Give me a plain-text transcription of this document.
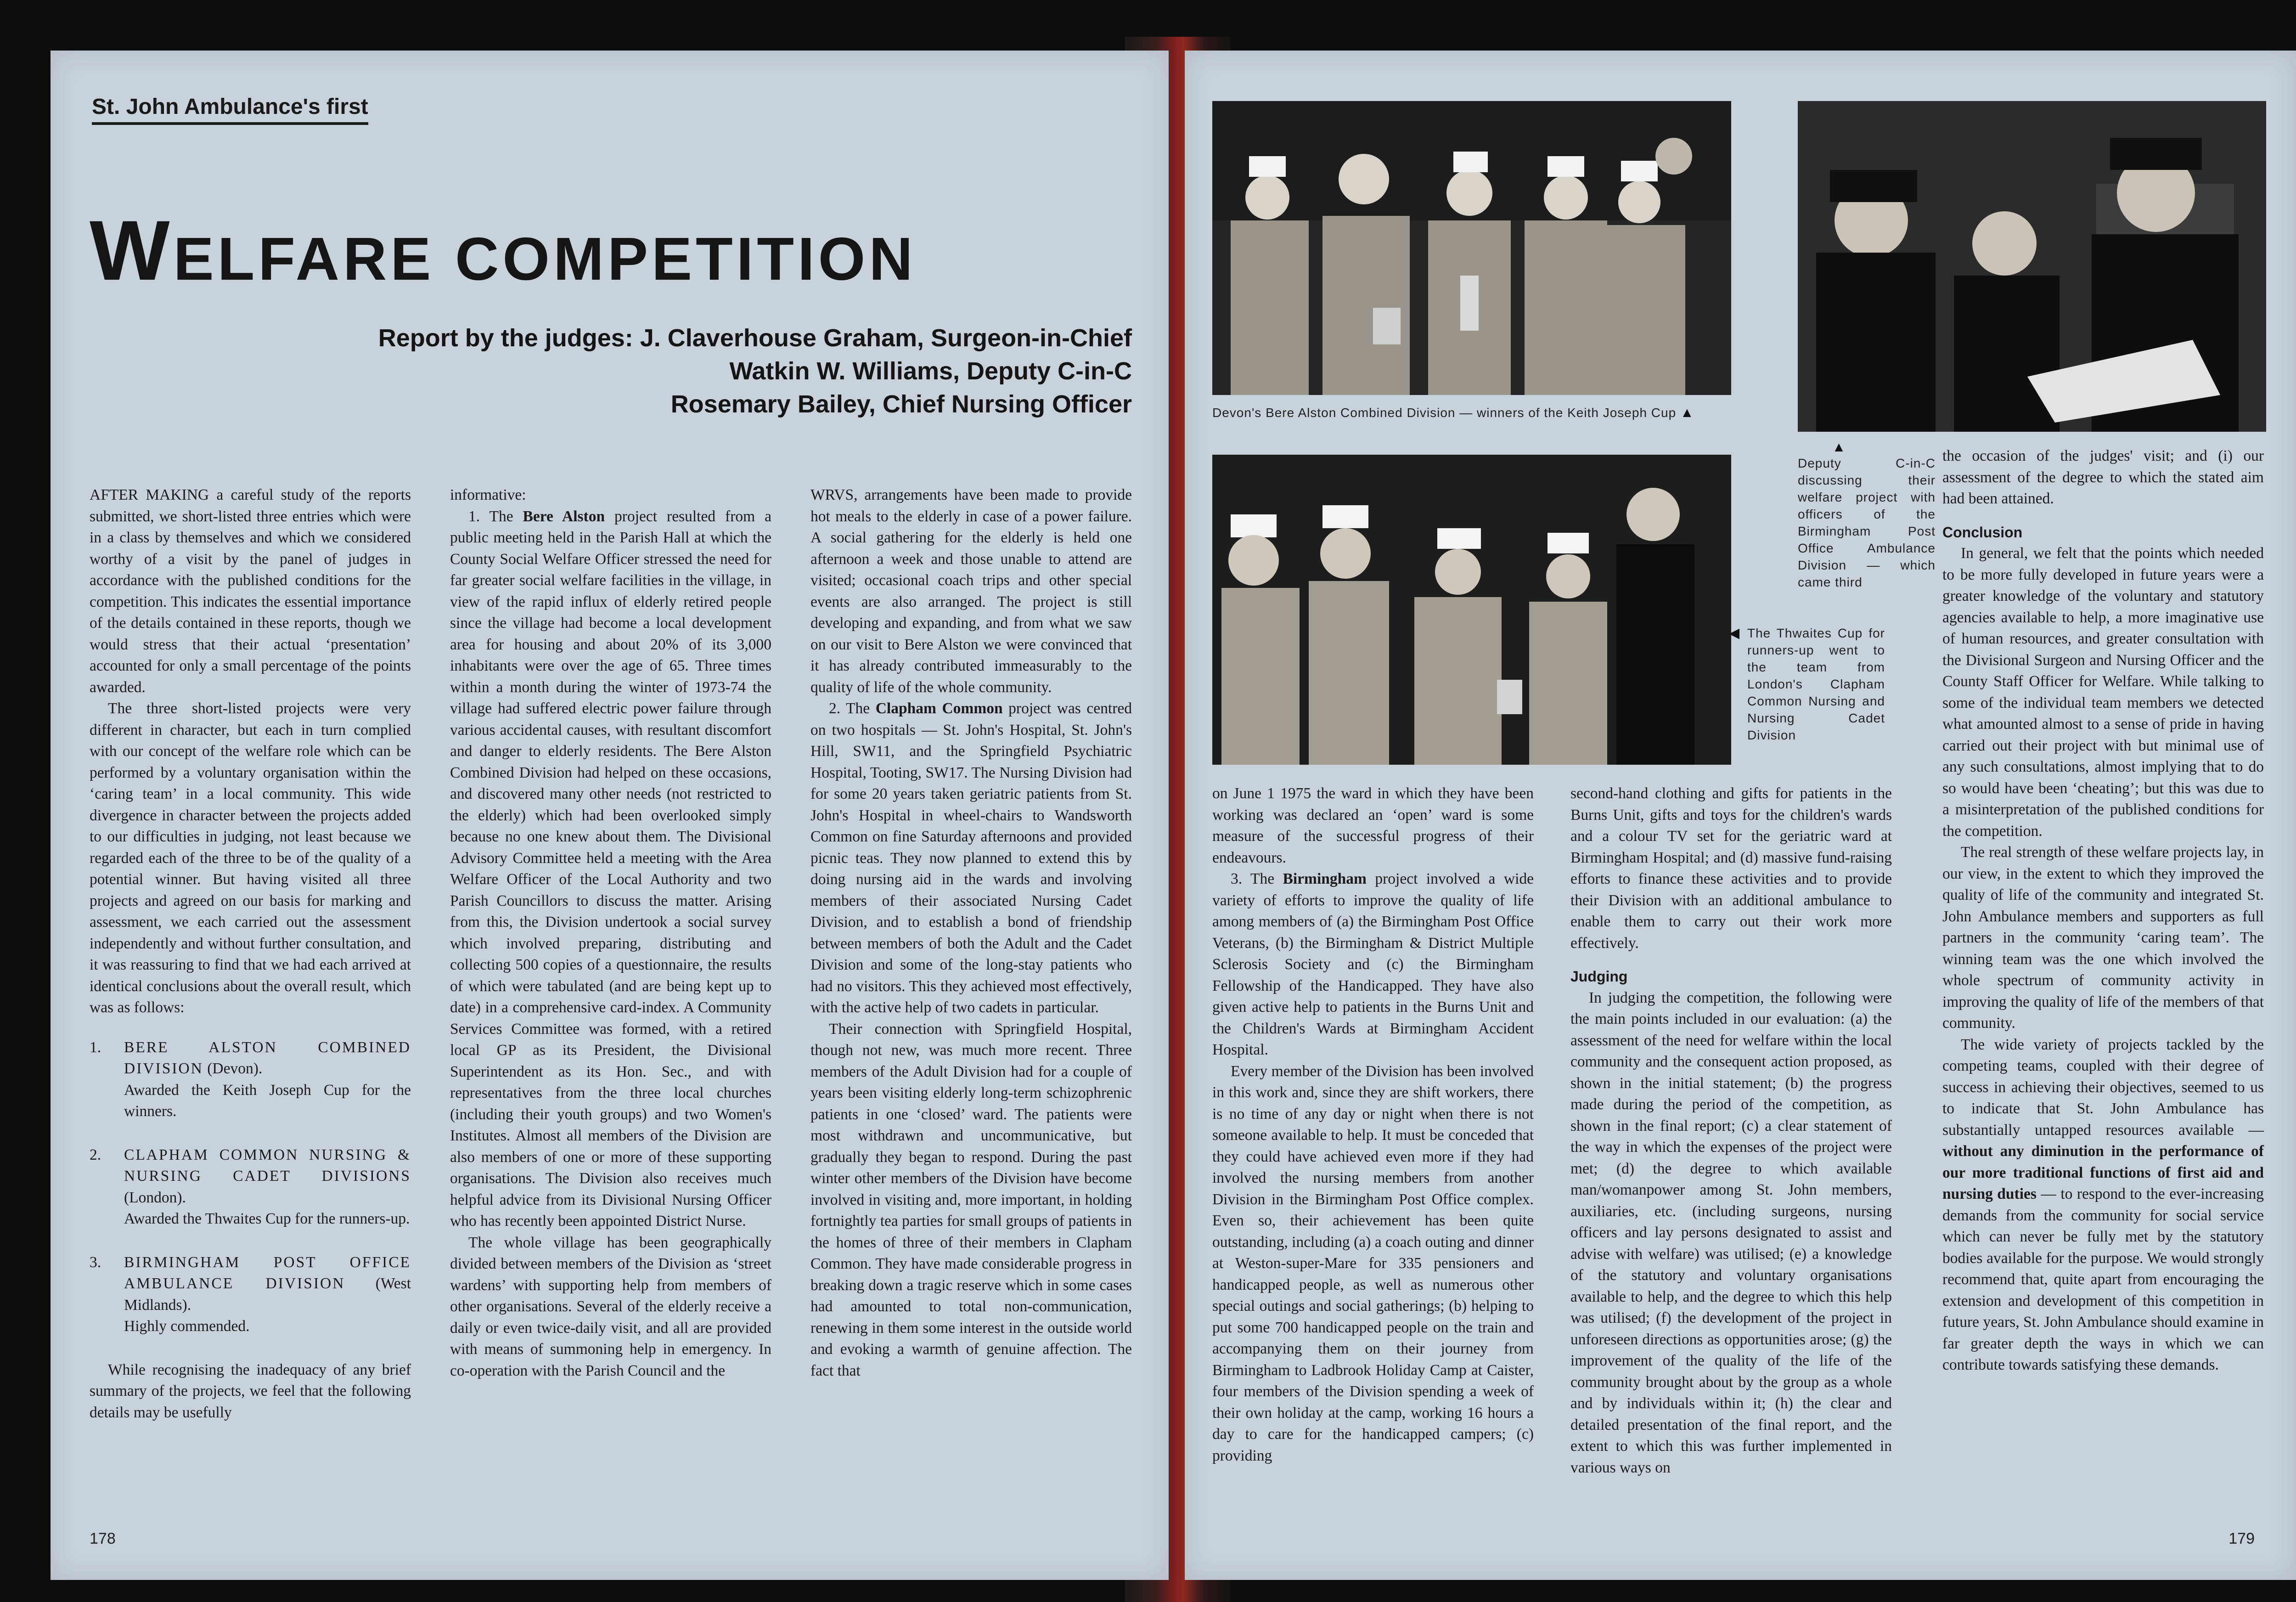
St. John Ambulance's first
WELFARE COMPETITION
Report by the judges: J. Claverhouse Graham, Surgeon-in-Chief
Watkin W. Williams, Deputy C-in-C
Rosemary Bailey, Chief Nursing Officer

AFTER MAKING a careful study of the reports submitted, we short-listed three entries which were in a class by themselves and which we considered worthy of a visit by the panel of judges in accordance with the published conditions for the competition. This indicates the essential importance of the details contained in these reports, though we would stress that their actual ‘presentation’ accounted for only a small percentage of the points awarded.

The three short-listed projects were very different in character, but each in turn complied with our concept of the welfare role which can be performed by a voluntary organisation within the ‘caring team’ in a local community. This wide divergence in character between the projects added to our difficulties in judging, not least because we regarded each of the three to be of the quality of a potential winner. But having visited all three projects and agreed on our basis for marking and assessment, we each carried out the assessment independently and without further consultation, and it was reassuring to find that we had each arrived at identical conclusions about the overall result, which was as follows:

1. BERE ALSTON COMBINED DIVISION (Devon).
Awarded the Keith Joseph Cup for the winners.
2. CLAPHAM COMMON NURSING & NURSING CADET DIVISIONS (London).
Awarded the Thwaites Cup for the runners-up.
3. BIRMINGHAM POST OFFICE AMBULANCE DIVISION (West Midlands).
Highly commended.

While recognising the inadequacy of any brief summary of the projects, we feel that the following details may be usefully

informative:

1. The Bere Alston project resulted from a public meeting held in the Parish Hall at which the County Social Welfare Officer stressed the need for far greater social welfare facilities in the village, in view of the rapid influx of elderly retired people since the village had become a local development area for housing and about 20% of its 3,000 inhabitants were over the age of 65. Three times within a month during the winter of 1973-74 the village had suffered electric power failure through various accidental causes, with resultant discomfort and danger to elderly residents. The Bere Alston Combined Division had helped on these occasions, and discovered many other needs (not restricted to the elderly) which had been overlooked simply because no one knew about them. The Divisional Advisory Committee held a meeting with the Area Welfare Officer of the Local Authority and two Parish Councillors to discuss the matter. Arising from this, the Division undertook a social survey which involved preparing, distributing and collecting 500 copies of a questionnaire, the results of which were tabulated (and are being kept up to date) in a comprehensive card-index. A Community Services Committee was formed, with a retired local GP as its President, the Divisional Superintendent as its Hon. Sec., and with representatives from the three local churches (including their youth groups) and two Women's Institutes. Almost all members of the Division are also members of one or more of these supporting organisations. The Division also receives much helpful advice from its Divisional Nursing Officer who has recently been appointed District Nurse.

The whole village has been geographically divided between members of the Division as ‘street wardens’ with supporting help from members of other organisations. Several of the elderly receive a daily or even twice-daily visit, and all are provided with means of summoning help in emergency. In co-operation with the Parish Council and the

WRVS, arrangements have been made to provide hot meals to the elderly in case of a power failure. A social gathering for the elderly is held one afternoon a week and those unable to attend are visited; occasional coach trips and other special events are also arranged. The project is still developing and expanding, and from what we saw on our visit to Bere Alston we were convinced that it has already contributed immeasurably to the quality of life of the whole community.

2. The Clapham Common project was centred on two hospitals — St. John's Hospital, St. John's Hill, SW11, and the Springfield Psychiatric Hospital, Tooting, SW17. The Nursing Division had for some 20 years taken geriatric patients from St. John's Hospital in wheel-chairs to Wandsworth Common on fine Saturday afternoons and provided picnic teas. They now planned to extend this by doing nursing aid in the wards and involving members of their associated Nursing Cadet Division, and to establish a bond of friendship between members of both the Adult and the Cadet Division and some of the long-stay patients who had no visitors. This they achieved most effectively, with the active help of two cadets in particular.

Their connection with Springfield Hospital, though not new, was much more recent. Three members of the Adult Division had for a couple of years been visiting elderly long-term schizophrenic patients in one ‘closed’ ward. The patients were most withdrawn and uncommunicative, but gradually they began to respond. During the past winter other members of the Division have become involved in visiting and, more important, in holding fortnightly tea parties for small groups of patients in the homes of three of their members in Clapham Common. They have made considerable progress in breaking down a tragic reserve which in some cases had amounted to total non-communication, renewing in them some interest in the outside world and evoking a warmth of genuine affection. The fact that

178
Devon's Bere Alston Combined Division — winners of the Keith Joseph Cup ▲
▲
Deputy C-in-C discussing their welfare project with officers of the Birmingham Post Office Ambulance Division — which came third
◀ The Thwaites Cup for runners-up went to the team from London's Clapham Common Nursing and Nursing Cadet Division

on June 1 1975 the ward in which they have been working was declared an ‘open’ ward is some measure of the successful progress of their endeavours.

3. The Birmingham project involved a wide variety of efforts to improve the quality of life among members of (a) the Birmingham Post Office Veterans, (b) the Birmingham & District Multiple Sclerosis Society and (c) the Birmingham Fellowship of the Handicapped. They have also given active help to patients in the Burns Unit and the Children's Wards at Birmingham Accident Hospital.

Every member of the Division has been involved in this work and, since they are shift workers, there is no time of any day or night when there is not someone available to help. It must be conceded that they could have achieved even more if they had involved the nursing members from another Division in the Birmingham Post Office complex. Even so, their achievement has been quite outstanding, including (a) a coach outing and dinner at Weston-super-Mare for 335 pensioners and handicapped people, as well as numerous other special outings and social gatherings; (b) helping to put some 700 handicapped people on the train and accompanying them on their journey from Birmingham to Ladbrook Holiday Camp at Caister, four members of the Division spending a week of their own holiday at the camp, working 16 hours a day to care for the handicapped campers; (c) providing

second-hand clothing and gifts for patients in the Burns Unit, gifts and toys for the children's wards and a colour TV set for the geriatric ward at Birmingham Hospital; and (d) massive fund-raising efforts to finance these activities and to provide their Division with an additional ambulance to enable them to carry out their work more effectively.

Judging

In judging the competition, the following were the main points included in our evaluation: (a) the assessment of the need for welfare within the local community and the consequent action proposed, as shown in the initial statement; (b) the progress made during the period of the competition, as shown in the final report; (c) a clear statement of the way in which the expenses of the project were met; (d) the degree to which available man/womanpower among St. John members, auxiliaries, etc. (including surgeons, nursing officers and lay persons designated to assist and advise with welfare) was utilised; (e) a knowledge of the statutory and voluntary organisations available to help, and the degree to which this help was utilised; (f) the development of the project in unforeseen directions as opportunities arose; (g) the improvement of the quality of the life of the community brought about by the group as a whole and by individuals within it; (h) the clear and detailed presentation of the final report, and the extent to which this was further implemented in various ways on

the occasion of the judges' visit; and (i) our assessment of the degree to which the stated aim had been attained.

Conclusion

In general, we felt that the points which needed to be more fully developed in future years were a greater knowledge of the voluntary and statutory agencies available to help, a more imaginative use of human resources, and greater consultation with the Divisional Surgeon and Nursing Officer and the County Staff Officer for Welfare. While talking to some of the individual team members we detected what amounted almost to a sense of pride in having carried out their project with but minimal use of any such consultations, almost implying that to do so would have been ‘cheating’; but this was due to a misinterpretation of the published conditions for the competition.

The real strength of these welfare projects lay, in our view, in the extent to which they improved the quality of life of the community and integrated St. John Ambulance members and supporters as full partners in the community ‘caring team’. The winning team was the one which involved the whole spectrum of community activity in improving the quality of life of the members of that community.

The wide variety of projects tackled by the competing teams, coupled with their degree of success in achieving their objectives, seemed to us to indicate that St. John Ambulance has substantially untapped resources available — without any diminution in the performance of our more traditional functions of first aid and nursing duties — to respond to the ever-increasing demands from the community for social service which can never be fully met by the statutory bodies available for the purpose. We would strongly recommend that, quite apart from encouraging the extension and development of this competition in future years, St. John Ambulance should examine in far greater depth the ways in which we can contribute towards satisfying these demands.

179
